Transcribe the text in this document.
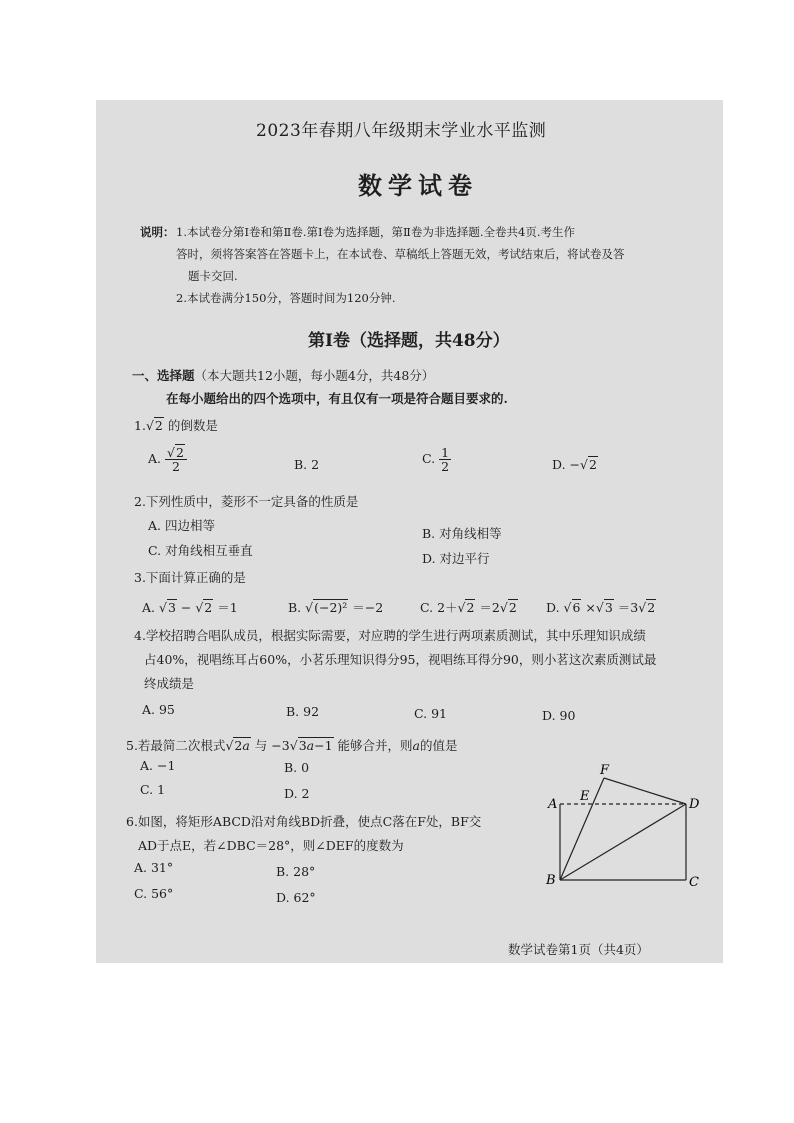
2023年春期八年级期末学业水平监测
数学试卷
说明： 1.本试卷分第Ⅰ卷和第Ⅱ卷.第Ⅰ卷为选择题，第Ⅱ卷为非选择题.全卷共4页.考生作
答时，须将答案答在答题卡上，在本试卷、草稿纸上答题无效，考试结束后，将试卷及答
题卡交回.
2.本试卷满分150分，答题时间为120分钟.
第Ⅰ卷（选择题，共48分）
一、选择题（本大题共12小题，每小题4分，共48分）
在每小题给出的四个选项中，有且仅有一项是符合题目要求的.
1.√2 的倒数是
A. $\frac{√2}{2}$	B. 2	C. $\frac{1}{2}$	D. −√2
2.下列性质中，菱形不一定具备的性质是
A. 四边相等
B. 对角线相等
C. 对角线相互垂直
D. 对边平行
3.下面计算正确的是
A. √3 − √2 ＝1	B. √(−2)² ＝−2	C. 2＋√2 ＝2√2 D. √6 ×√3 ＝3√2
4.学校招聘合唱队成员，根据实际需要，对应聘的学生进行两项素质测试，其中乐理知识成绩
占40%，视唱练耳占60%，小茗乐理知识得分95，视唱练耳得分90，则小茗这次素质测试最
终成绩是
A. 95	B. 92	C. 91	D. 90
5.若最简二次根式√2a 与 −3√3a−1 能够合并，则a的值是
A. −1	B. 0
C. 1	D. 2
6.如图，将矩形ABCD沿对角线BD折叠，使点C落在F处，BF交
AD于点E，若∠DBC＝28°，则∠DEF的度数为
A. 31°	B. 28°
C. 56°	D. 62°
A
B	C
D
E
F
数学试卷第1页（共4页）
